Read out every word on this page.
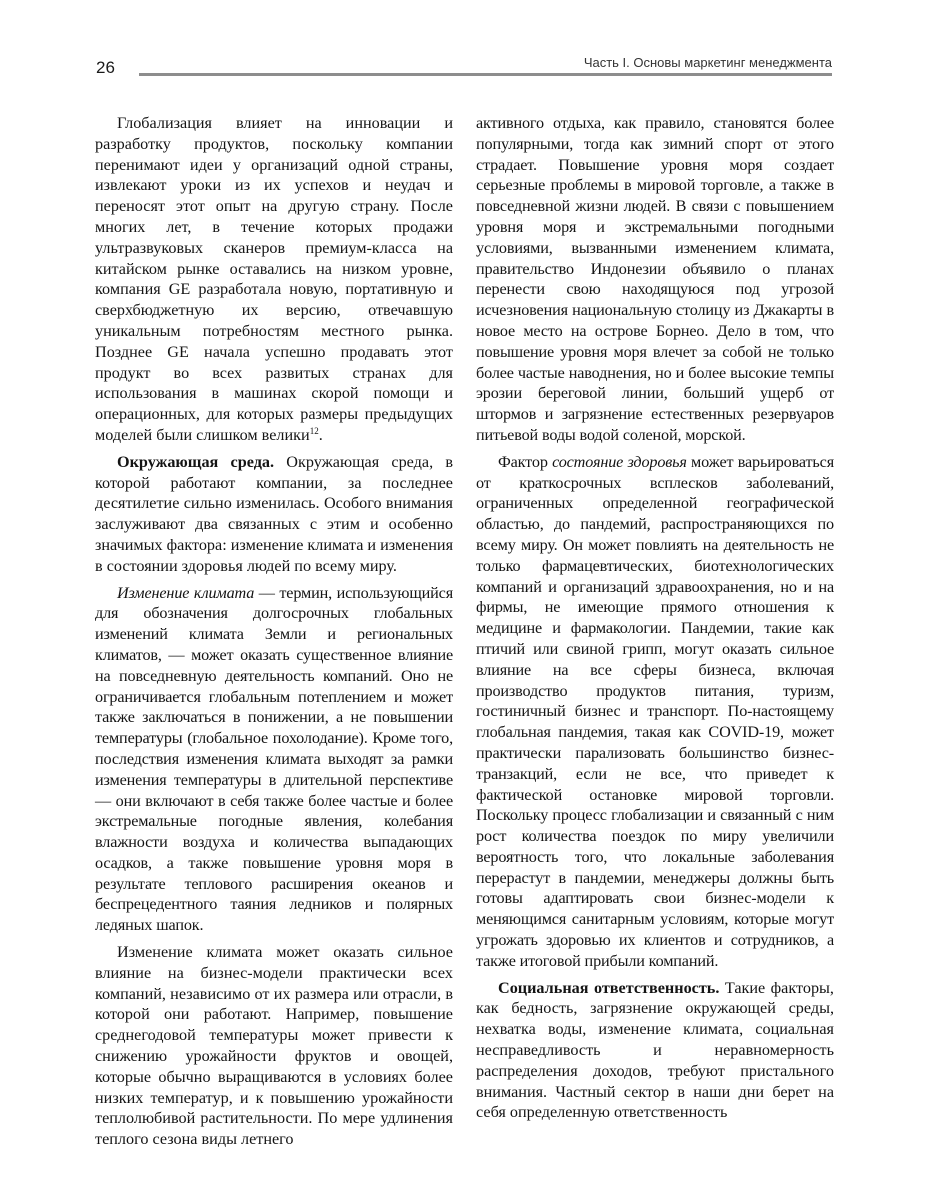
26	Часть I. Основы маркетинг менеджмента

Глобализация влияет на инновации и разработку продуктов, поскольку компании перенимают идеи у организаций одной страны, извлекают уроки из их успехов и неудач и переносят этот опыт на другую страну. После многих лет, в течение которых продажи ультразвуковых сканеров премиум-класса на китайском рынке оставались на низком уровне, компания GE разработала новую, портативную и сверхбюджетную их версию, отвечавшую уникальным потребностям местного рынка. Позднее GE начала успешно продавать этот продукт во всех развитых странах для использования в машинах скорой помощи и операционных, для которых размеры предыдущих моделей были слишком велики$^{12}$.

Окружающая среда. Окружающая среда, в которой работают компании, за последнее десятилетие сильно изменилась. Особого внимания заслуживают два связанных с этим и особенно значимых фактора: изменение климата и изменения в состоянии здоровья людей по всему миру.

Изменение климата — термин, использующийся для обозначения долгосрочных глобальных изменений климата Земли и региональных климатов, — может оказать существенное влияние на повседневную деятельность компаний. Оно не ограничивается глобальным потеплением и может также заключаться в понижении, а не повышении температуры (глобальное похолодание). Кроме того, последствия изменения климата выходят за рамки изменения температуры в длительной перспективе — они включают в себя также более частые и более экстремальные погодные явления, колебания влажности воздуха и количества выпадающих осадков, а также повышение уровня моря в результате теплового расширения океанов и беспрецедентного таяния ледников и полярных ледяных шапок.

Изменение климата может оказать сильное влияние на бизнес-модели практически всех компаний, независимо от их размера или отрасли, в которой они работают. Например, повышение среднегодовой температуры может привести к снижению урожайности фруктов и овощей, которые обычно выращиваются в условиях более низких температур, и к повышению урожайности теплолюбивой растительности. По мере удлинения теплого сезона виды летнего

активного отдыха, как правило, становятся более популярными, тогда как зимний спорт от этого страдает. Повышение уровня моря создает серьезные проблемы в мировой торговле, а также в повседневной жизни людей. В связи с повышением уровня моря и экстремальными погодными условиями, вызванными изменением климата, правительство Индонезии объявило о планах перенести свою находящуюся под угрозой исчезновения национальную столицу из Джакарты в новое место на острове Борнео. Дело в том, что повышение уровня моря влечет за собой не только более частые наводнения, но и более высокие темпы эрозии береговой линии, больший ущерб от штормов и загрязнение естественных резервуаров питьевой воды водой соленой, морской.

Фактор состояние здоровья может варьироваться от краткосрочных всплесков заболеваний, ограниченных определенной географической областью, до пандемий, распространяющихся по всему миру. Он может повлиять на деятельность не только фармацевтических, биотехнологических компаний и организаций здравоохранения, но и на фирмы, не имеющие прямого отношения к медицине и фармакологии. Пандемии, такие как птичий или свиной грипп, могут оказать сильное влияние на все сферы бизнеса, включая производство продуктов питания, туризм, гостиничный бизнес и транспорт. По-настоящему глобальная пандемия, такая как COVID-19, может практически парализовать большинство бизнес-транзакций, если не все, что приведет к фактической остановке мировой торговли. Поскольку процесс глобализации и связанный с ним рост количества поездок по миру увеличили вероятность того, что локальные заболевания перерастут в пандемии, менеджеры должны быть готовы адаптировать свои бизнес-модели к меняющимся санитарным условиям, которые могут угрожать здоровью их клиентов и сотрудников, а также итоговой прибыли компаний.

Социальная ответственность. Такие факторы, как бедность, загрязнение окружающей среды, нехватка воды, изменение климата, социальная несправедливость и неравномерность распределения доходов, требуют пристального внимания. Частный сектор в наши дни берет на себя определенную ответственность
